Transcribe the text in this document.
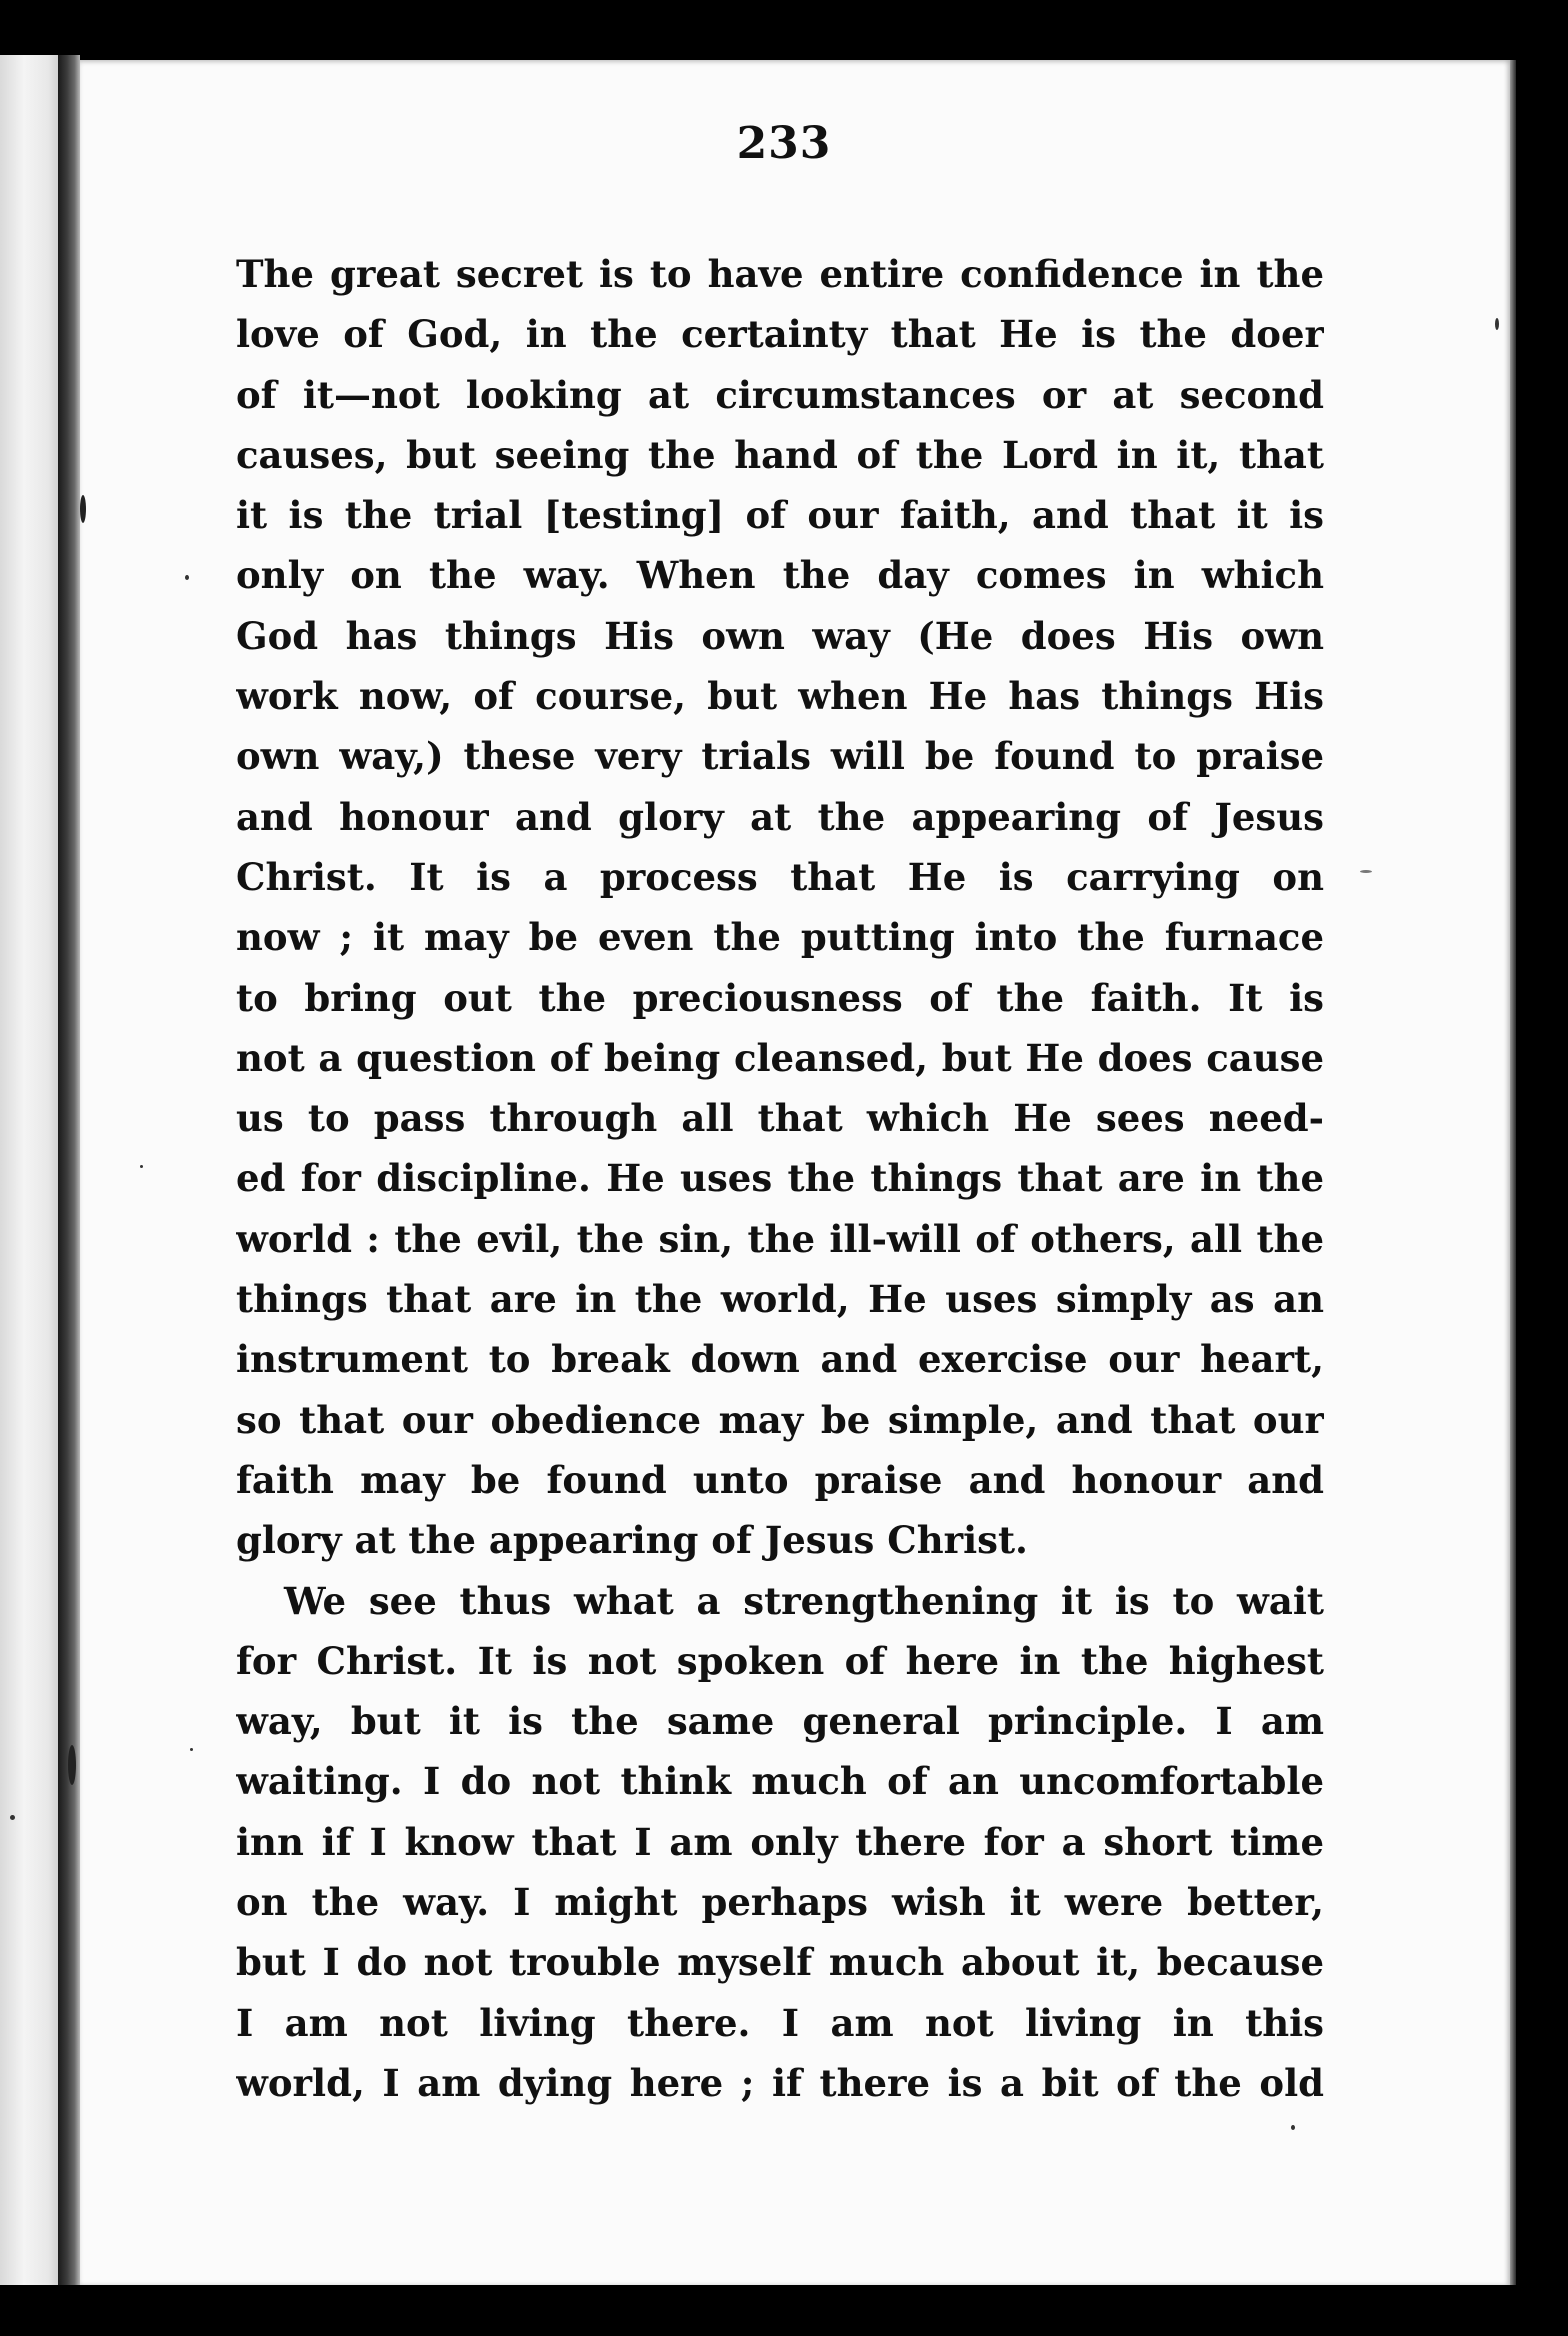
233
The great secret is to have entire confidence in the
love of God, in the certainty that He is the doer
of it—not looking at circumstances or at second
causes, but seeing the hand of the Lord in it, that
it is the trial [testing] of our faith, and that it is
only on the way. When the day comes in which
God has things His own way (He does His own
work now, of course, but when He has things His
own way,) these very trials will be found to praise
and honour and glory at the appearing of Jesus
Christ. It is a process that He is carrying on
now ; it may be even the putting into the furnace
to bring out the preciousness of the faith. It is
not a question of being cleansed, but He does cause
us to pass through all that which He sees need-
ed for discipline. He uses the things that are in the
world : the evil, the sin, the ill-will of others, all the
things that are in the world, He uses simply as an
instrument to break down and exercise our heart,
so that our obedience may be simple, and that our
faith may be found unto praise and honour and
glory at the appearing of Jesus Christ.
We see thus what a strengthening it is to wait
for Christ. It is not spoken of here in the highest
way, but it is the same general principle. I am
waiting. I do not think much of an uncomfortable
inn if I know that I am only there for a short time
on the way. I might perhaps wish it were better,
but I do not trouble myself much about it, because
I am not living there. I am not living in this
world, I am dying here ; if there is a bit of the old
